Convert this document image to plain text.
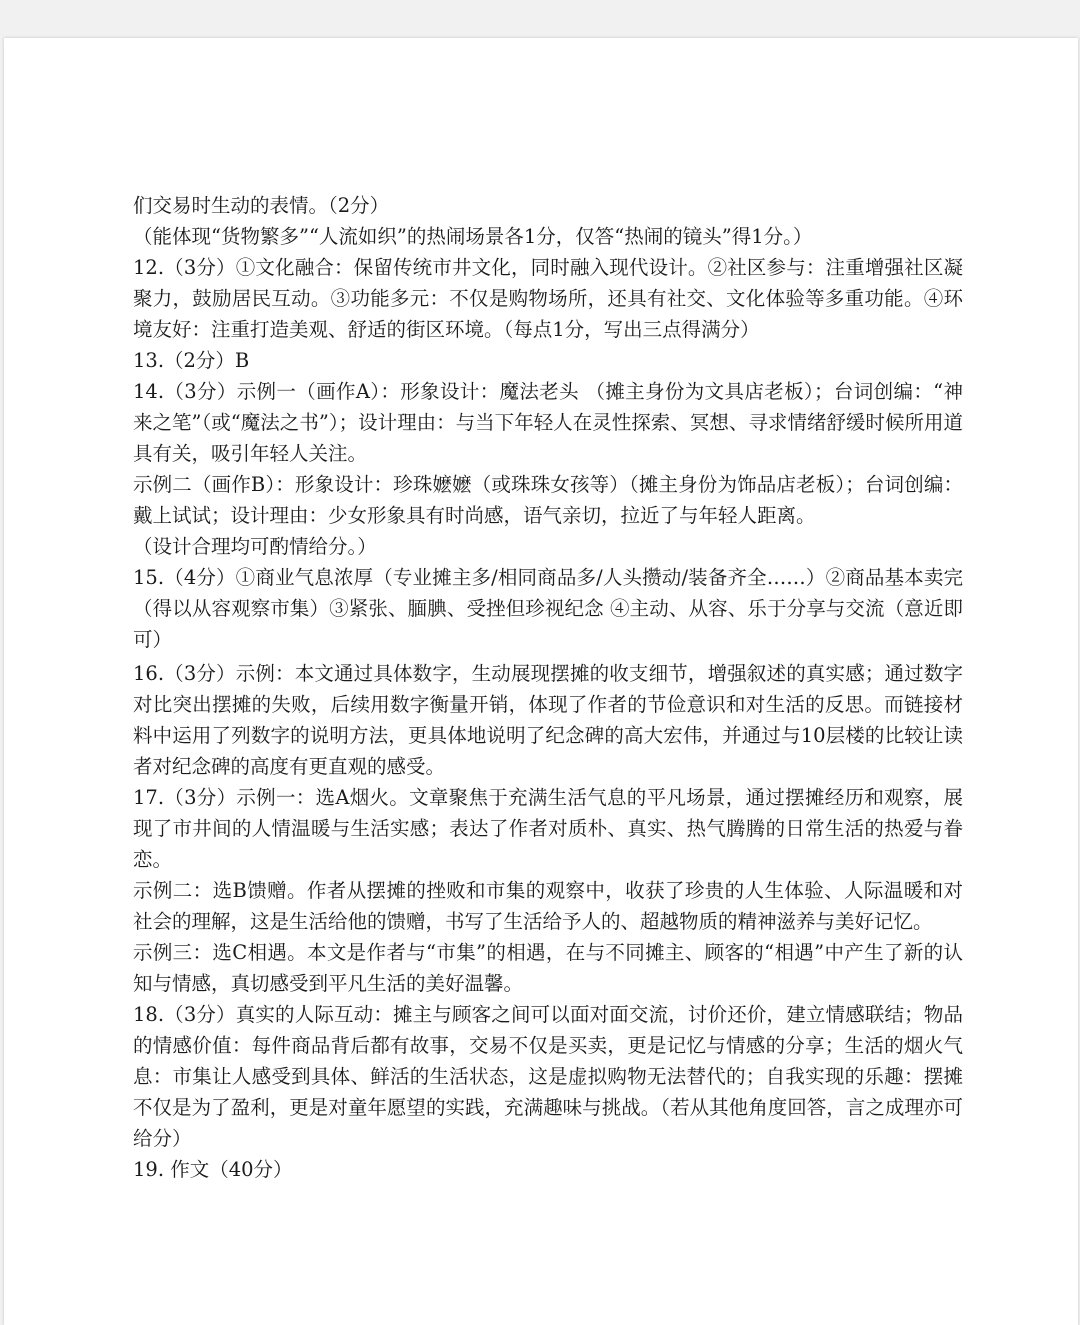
们交易时生动的表情。（2分）

（能体现“货物繁多”“人流如织”的热闹场景各1分，仅答“热闹的镜头”得1分。）

12.（3分）①文化融合：保留传统市井文化，同时融入现代设计。②社区参与：注重增强社区凝聚力，鼓励居民互动。③功能多元：不仅是购物场所，还具有社交、文化体验等多重功能。④环境友好：注重打造美观、舒适的街区环境。（每点1分，写出三点得满分）

13.（2分）B

14.（3分）示例一（画作A）：形象设计：魔法老头 （摊主身份为文具店老板）；台词创编：“神来之笔”（或“魔法之书”）；设计理由：与当下年轻人在灵性探索、冥想、寻求情绪舒缓时候所用道具有关，吸引年轻人关注。

示例二（画作B）：形象设计：珍珠嬷嬷（或珠珠女孩等）（摊主身份为饰品店老板）；台词创编：戴上试试；设计理由：少女形象具有时尚感，语气亲切，拉近了与年轻人距离。

（设计合理均可酌情给分。）

15.（4分）①商业气息浓厚（专业摊主多/相同商品多/人头攒动/装备齐全……）②商品基本卖完（得以从容观察市集）③紧张、腼腆、受挫但珍视纪念 ④主动、从容、乐于分享与交流（意近即可）

16.（3分）示例：本文通过具体数字，生动展现摆摊的收支细节，增强叙述的真实感；通过数字对比突出摆摊的失败，后续用数字衡量开销，体现了作者的节俭意识和对生活的反思。而链接材料中运用了列数字的说明方法，更具体地说明了纪念碑的高大宏伟，并通过与10层楼的比较让读者对纪念碑的高度有更直观的感受。

17.（3分）示例一：选A烟火。文章聚焦于充满生活气息的平凡场景，通过摆摊经历和观察，展现了市井间的人情温暖与生活实感；表达了作者对质朴、真实、热气腾腾的日常生活的热爱与眷恋。

示例二：选B馈赠。作者从摆摊的挫败和市集的观察中，收获了珍贵的人生体验、人际温暖和对社会的理解，这是生活给他的馈赠，书写了生活给予人的、超越物质的精神滋养与美好记忆。

示例三：选C相遇。本文是作者与“市集”的相遇，在与不同摊主、顾客的“相遇”中产生了新的认知与情感，真切感受到平凡生活的美好温馨。

18.（3分）真实的人际互动：摊主与顾客之间可以面对面交流，讨价还价，建立情感联结；物品的情感价值：每件商品背后都有故事，交易不仅是买卖，更是记忆与情感的分享；生活的烟火气息：市集让人感受到具体、鲜活的生活状态，这是虚拟购物无法替代的；自我实现的乐趣：摆摊不仅是为了盈利，更是对童年愿望的实践，充满趣味与挑战。（若从其他角度回答，言之成理亦可给分）

19. 作文（40分）
